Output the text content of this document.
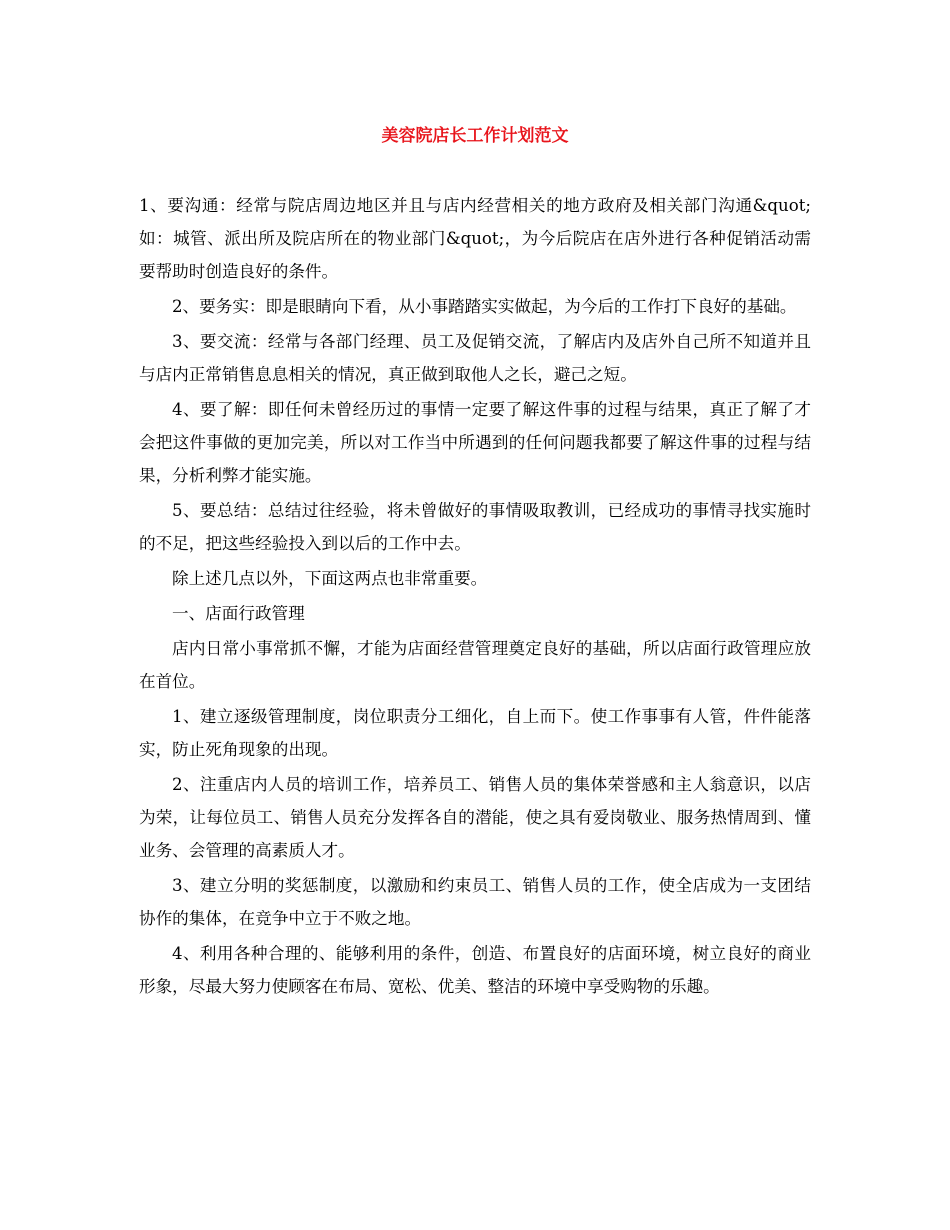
美容院店长工作计划范文

1、要沟通：经常与院店周边地区并且与店内经营相关的地方政府及相关部门沟通&quot;如：城管、派出所及院店所在的物业部门&quot;，为今后院店在店外进行各种促销活动需要帮助时创造良好的条件。

2、要务实：即是眼睛向下看，从小事踏踏实实做起，为今后的工作打下良好的基础。

3、要交流：经常与各部门经理、员工及促销交流，了解店内及店外自己所不知道并且与店内正常销售息息相关的情况，真正做到取他人之长，避己之短。

4、要了解：即任何未曾经历过的事情一定要了解这件事的过程与结果，真正了解了才会把这件事做的更加完美，所以对工作当中所遇到的任何问题我都要了解这件事的过程与结果，分析利弊才能实施。

5、要总结：总结过往经验，将未曾做好的事情吸取教训，已经成功的事情寻找实施时的不足，把这些经验投入到以后的工作中去。

除上述几点以外，下面这两点也非常重要。

一、店面行政管理

店内日常小事常抓不懈，才能为店面经营管理奠定良好的基础，所以店面行政管理应放在首位。

1、建立逐级管理制度，岗位职责分工细化，自上而下。使工作事事有人管，件件能落实，防止死角现象的出现。

2、注重店内人员的培训工作，培养员工、销售人员的集体荣誉感和主人翁意识，以店为荣，让每位员工、销售人员充分发挥各自的潜能，使之具有爱岗敬业、服务热情周到、懂业务、会管理的高素质人才。

3、建立分明的奖惩制度，以激励和约束员工、销售人员的工作，使全店成为一支团结协作的集体，在竞争中立于不败之地。

4、利用各种合理的、能够利用的条件，创造、布置良好的店面环境，树立良好的商业形象，尽最大努力使顾客在布局、宽松、优美、整洁的环境中享受购物的乐趣。
